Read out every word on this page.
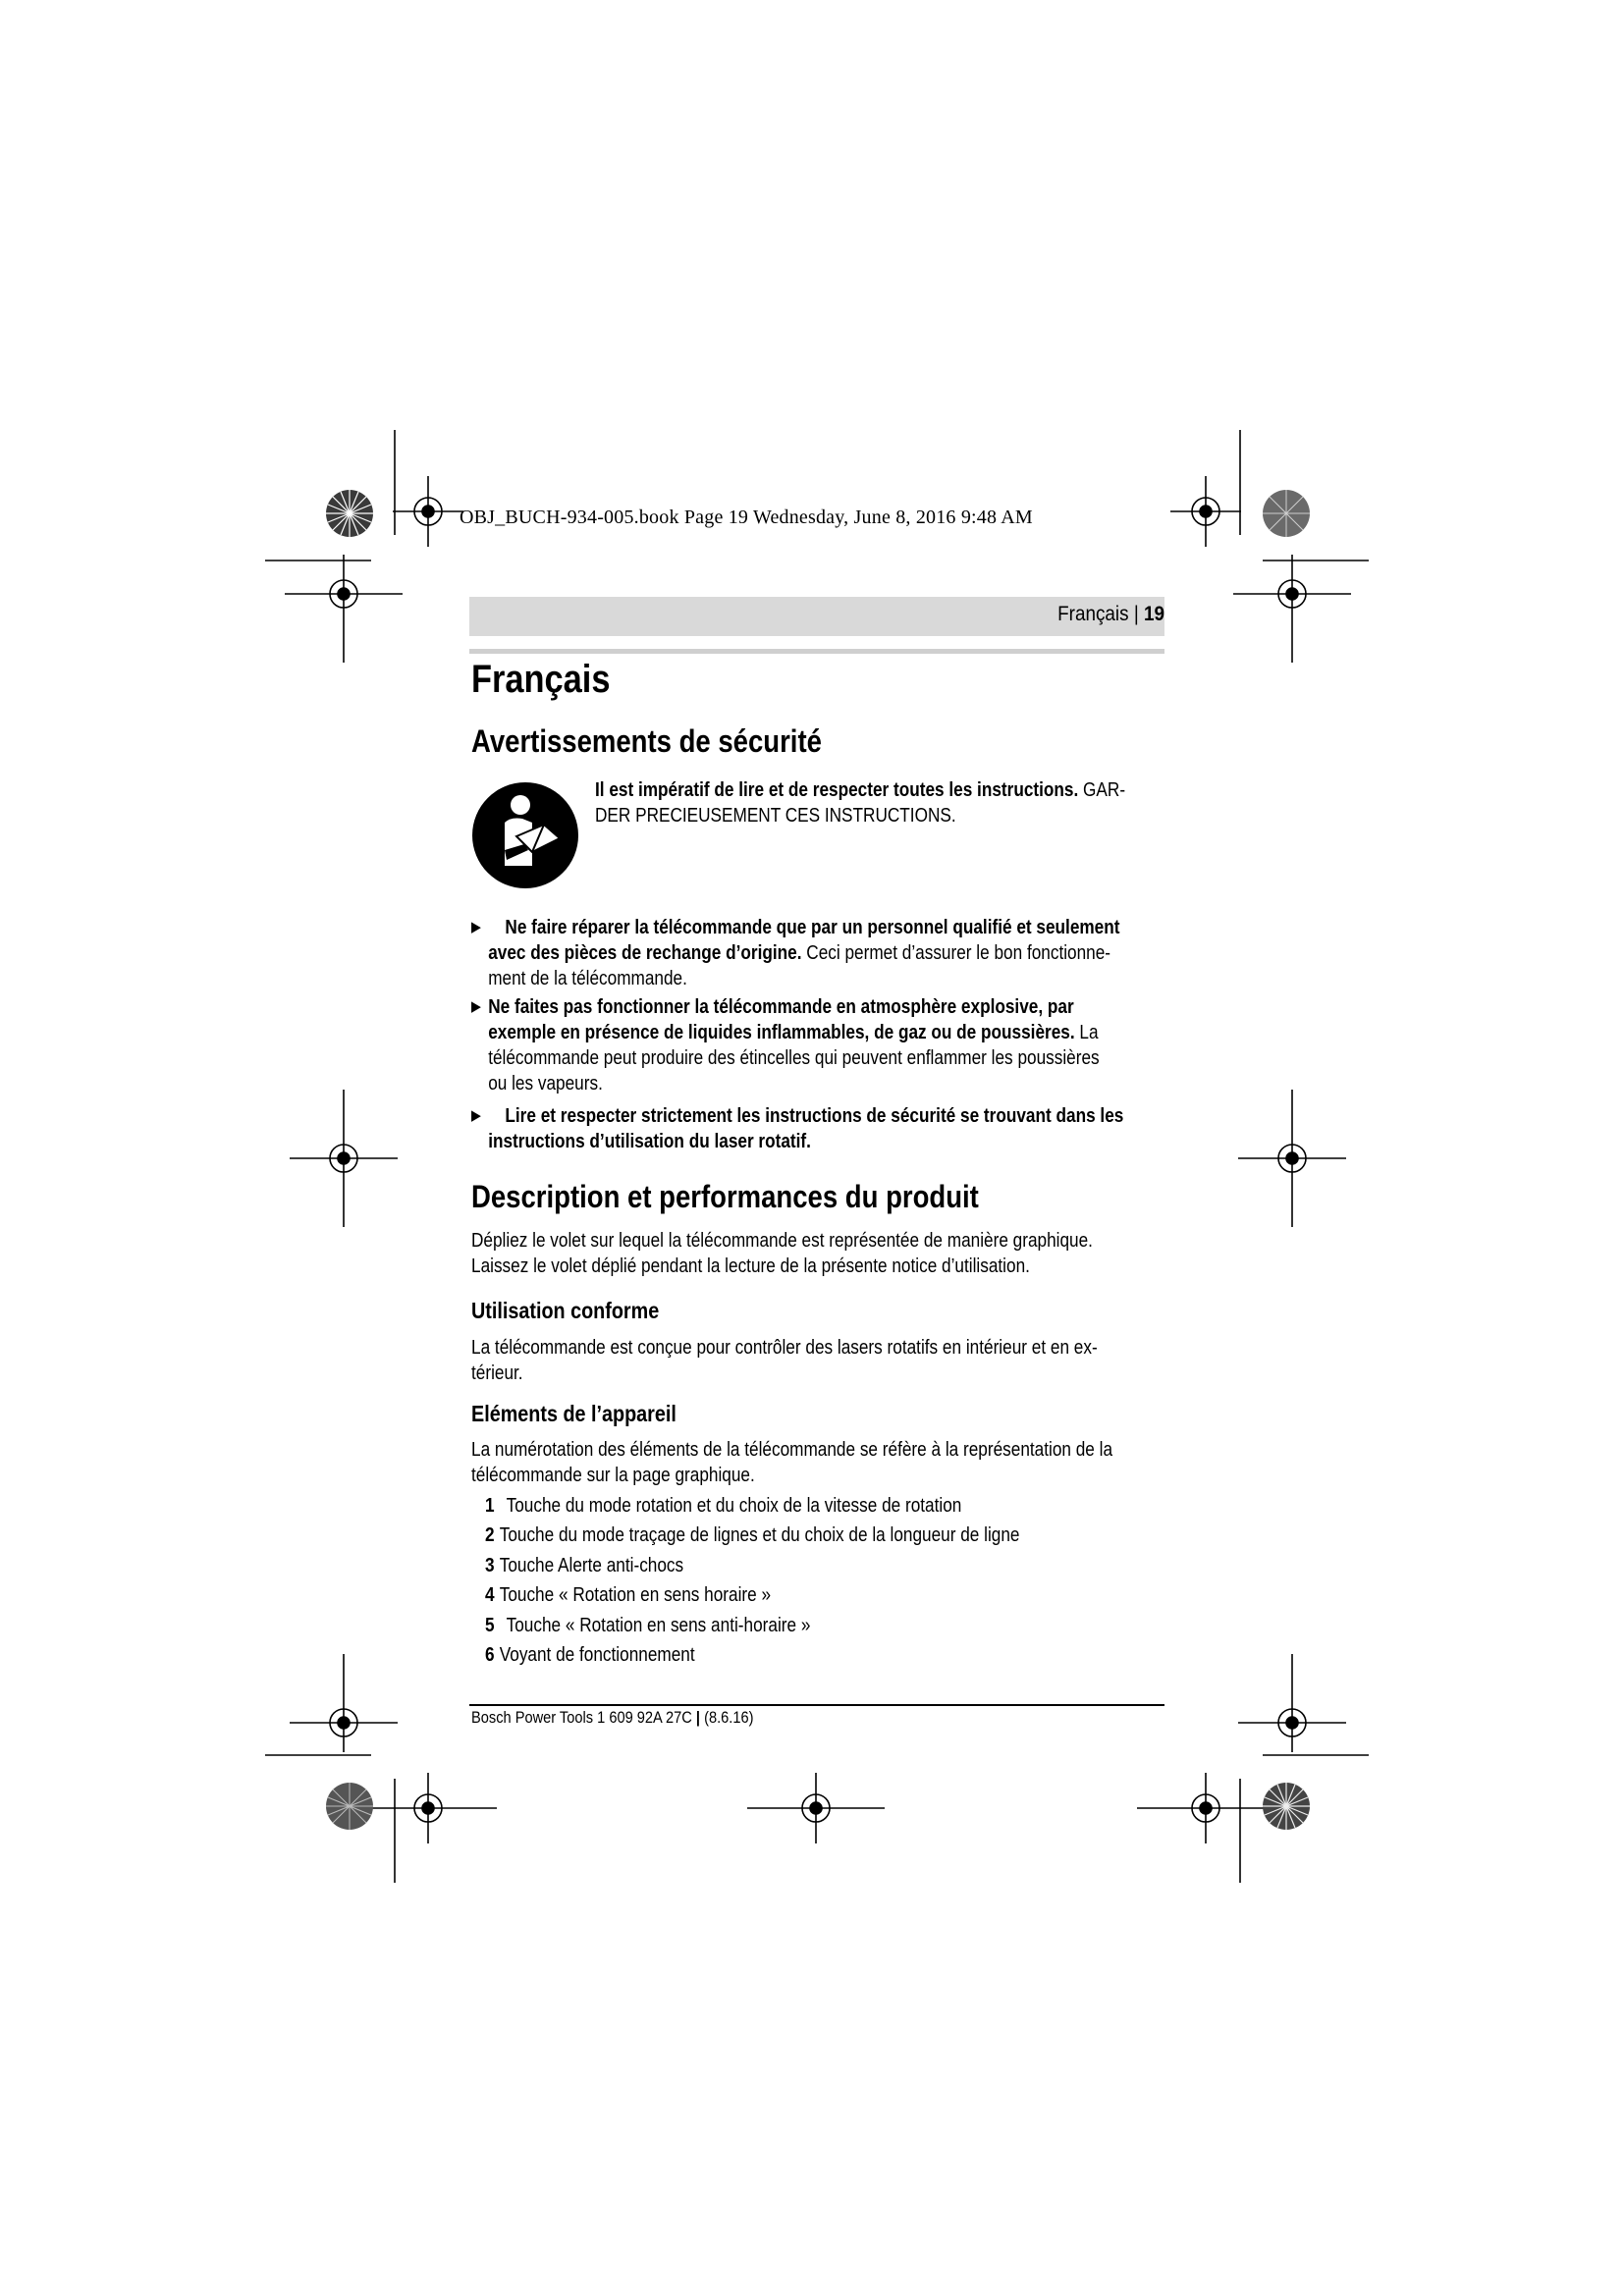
OBJ_BUCH-934-005.book Page 19 Wednesday, June 8, 2016 9:48 AM
Français | 19
Français
Avertissements de sécurité
Il est impératif de lire et de respecter toutes les instructions. GAR-
DER PRECIEUSEMENT CES INSTRUCTIONS.
▶	Ne faire réparer la télécommande que par un personnel qualifié et seulement
avec des pièces de rechange d’origine. Ceci permet d’assurer le bon fonctionne-
ment de la télécommande.
▶ Ne faites pas fonctionner la télécommande en atmosphère explosive, par
exemple en présence de liquides inflammables, de gaz ou de poussières. La
télécommande peut produire des étincelles qui peuvent enflammer les poussières
ou les vapeurs.
▶	Lire et respecter strictement les instructions de sécurité se trouvant dans les
instructions d’utilisation du laser rotatif.
Description et performances du produit
Dépliez le volet sur lequel la télécommande est représentée de manière graphique.
Laissez le volet déplié pendant la lecture de la présente notice d’utilisation.
Utilisation conforme
La télécommande est conçue pour contrôler des lasers rotatifs en intérieur et en ex-
térieur.
Eléments de l’appareil
La numérotation des éléments de la télécommande se réfère à la représentation de la
télécommande sur la page graphique.
1 Touche du mode rotation et du choix de la vitesse de rotation
2 Touche du mode traçage de lignes et du choix de la longueur de ligne
3 Touche Alerte anti-chocs
4 Touche « Rotation en sens horaire »
5 Touche « Rotation en sens anti-horaire »
6 Voyant de fonctionnement
Bosch Power Tools 1 609 92A 27C | (8.6.16)
